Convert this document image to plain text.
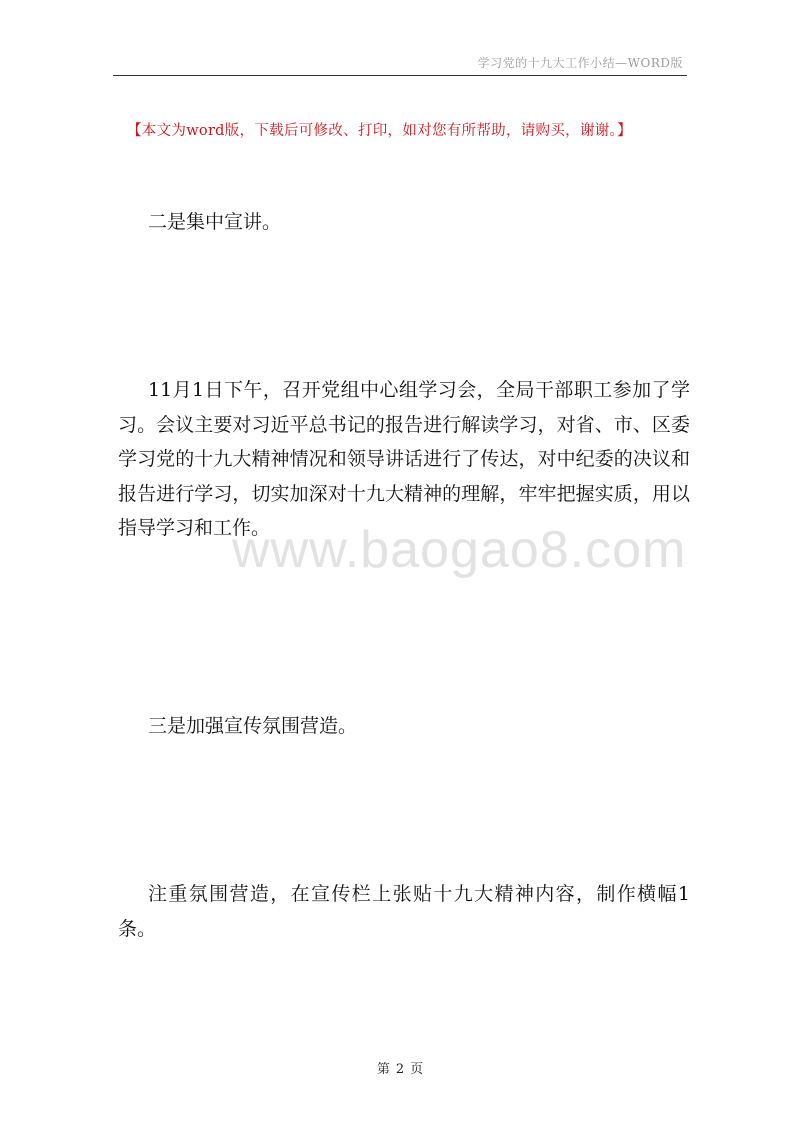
学习党的十九大工作小结—WORD版
【本文为word版，下载后可修改、打印，如对您有所帮助，请购买，谢谢。】

二是集中宣讲。

11月1日下午，召开党组中心组学习会，全局干部职工参加了学习。会议主要对习近平总书记的报告进行解读学习，对省、市、区委学习党的十九大精神情况和领导讲话进行了传达，对中纪委的决议和报告进行学习，切实加深对十九大精神的理解，牢牢把握实质，用以指导学习和工作。

三是加强宣传氛围营造。

注重氛围营造，在宣传栏上张贴十九大精神内容，制作横幅1条。

www.baogao8.com
第 2 页
